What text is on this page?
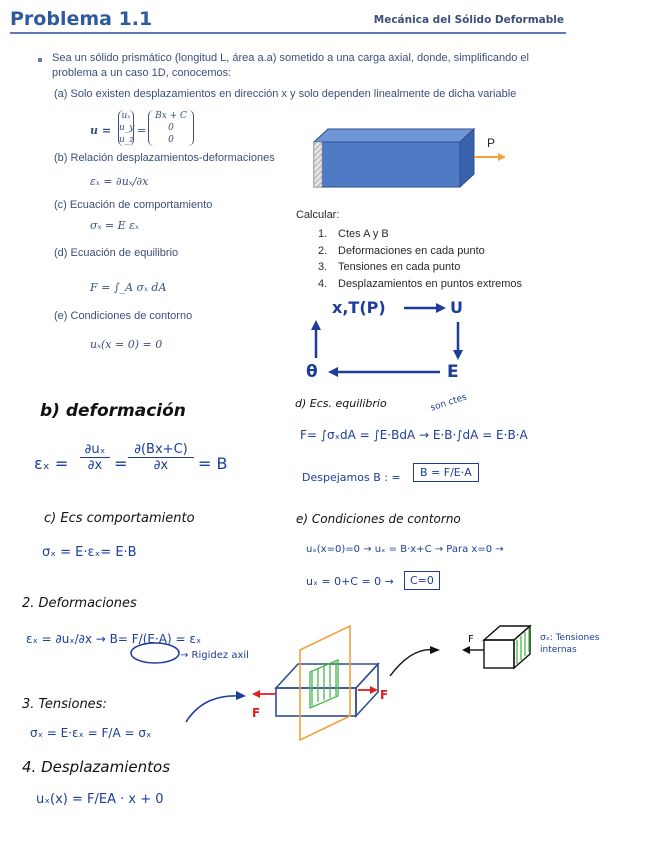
Problema 1.1	Mecánica del Sólido Deformable
Sea un sólido prismático (longitud L, área a.a) sometido a una carga axial, donde, simplificando el problema a un caso 1D, conocemos:
(a) Solo existen desplazamientos en dirección x y solo dependen linealmente de dicha variable
u =
uₓ
u_y
u_z
=
Bx + C
0
0
(b) Relación desplazamientos-deformaciones
εₓ = ∂uₓ/∂x
(c) Ecuación de comportamiento
σₓ = E εₓ
(d) Ecuación de equilibrio
F = ∫_A σₓ dA
(e) Condiciones de contorno
uₓ(x = 0) = 0
P
Calcular:
1. Ctes A y B
2. Deformaciones en cada punto
3. Tensiones en cada punto
4. Desplazamientos en puntos extremos
x,T(P)	U
θ	E
b) deformación
εₓ =
∂uₓ
∂x =
∂(Bx+C)
∂x	= B
c) Ecs comportamiento
σₓ = E·εₓ= E·B
d) Ecs. equilibrio	son ctes
F= ∫σₓdA = ∫E·BdA → E·B·∫dA = E·B·A
Despejamos B : =	B = F/E·A
e) Condiciones de contorno
uₓ(x=0)=0 → uₓ = B·x+C → Para x=0 →
uₓ = 0+C = 0 →	C=0
2. Deformaciones
εₓ = ∂uₓ/∂x → B= F/(E·A) = εₓ
→ Rigidez axil
3. Tensiones:
σₓ = E·εₓ = F/A = σₓ
4. Desplazamientos
uₓ(x) = F/EA · x + 0
F
F
F	σₓ: Tensiones internas
